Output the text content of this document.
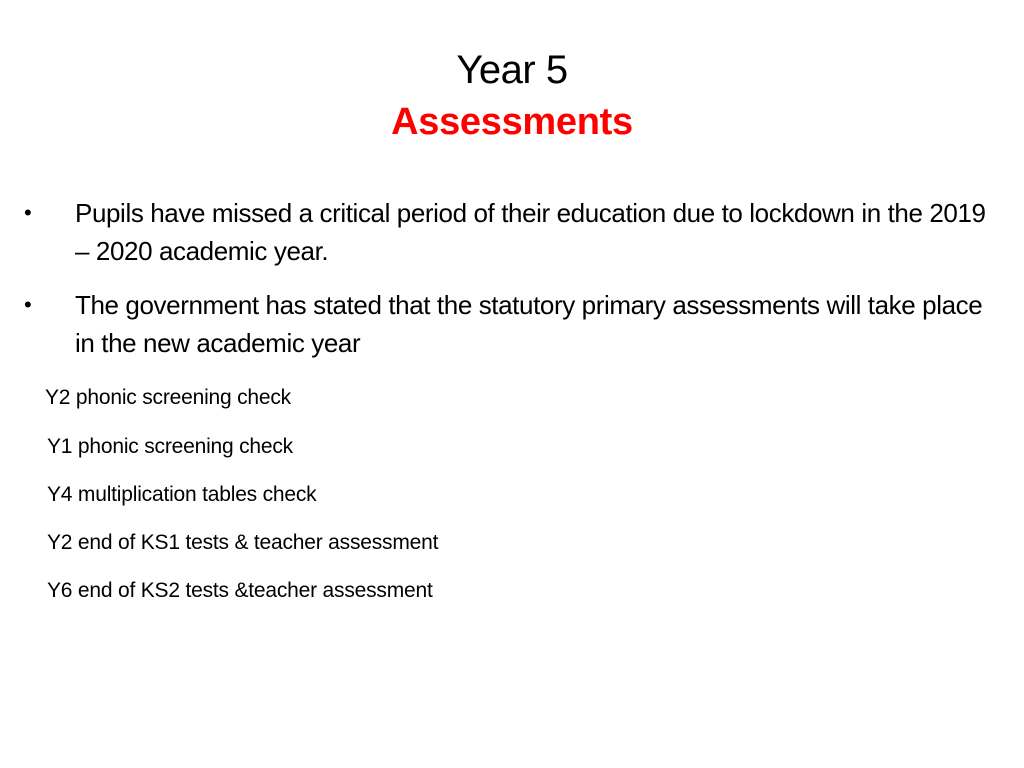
Year 5
Assessments
• Pupils have missed a critical period of their education due to lockdown in the 2019 – 2020 academic year.
• The government has stated that the statutory primary assessments will take place in the new academic year
Y2 phonic screening check
Y1 phonic screening check
Y4 multiplication tables check
Y2 end of KS1 tests & teacher assessment
Y6 end of KS2 tests &teacher assessment
